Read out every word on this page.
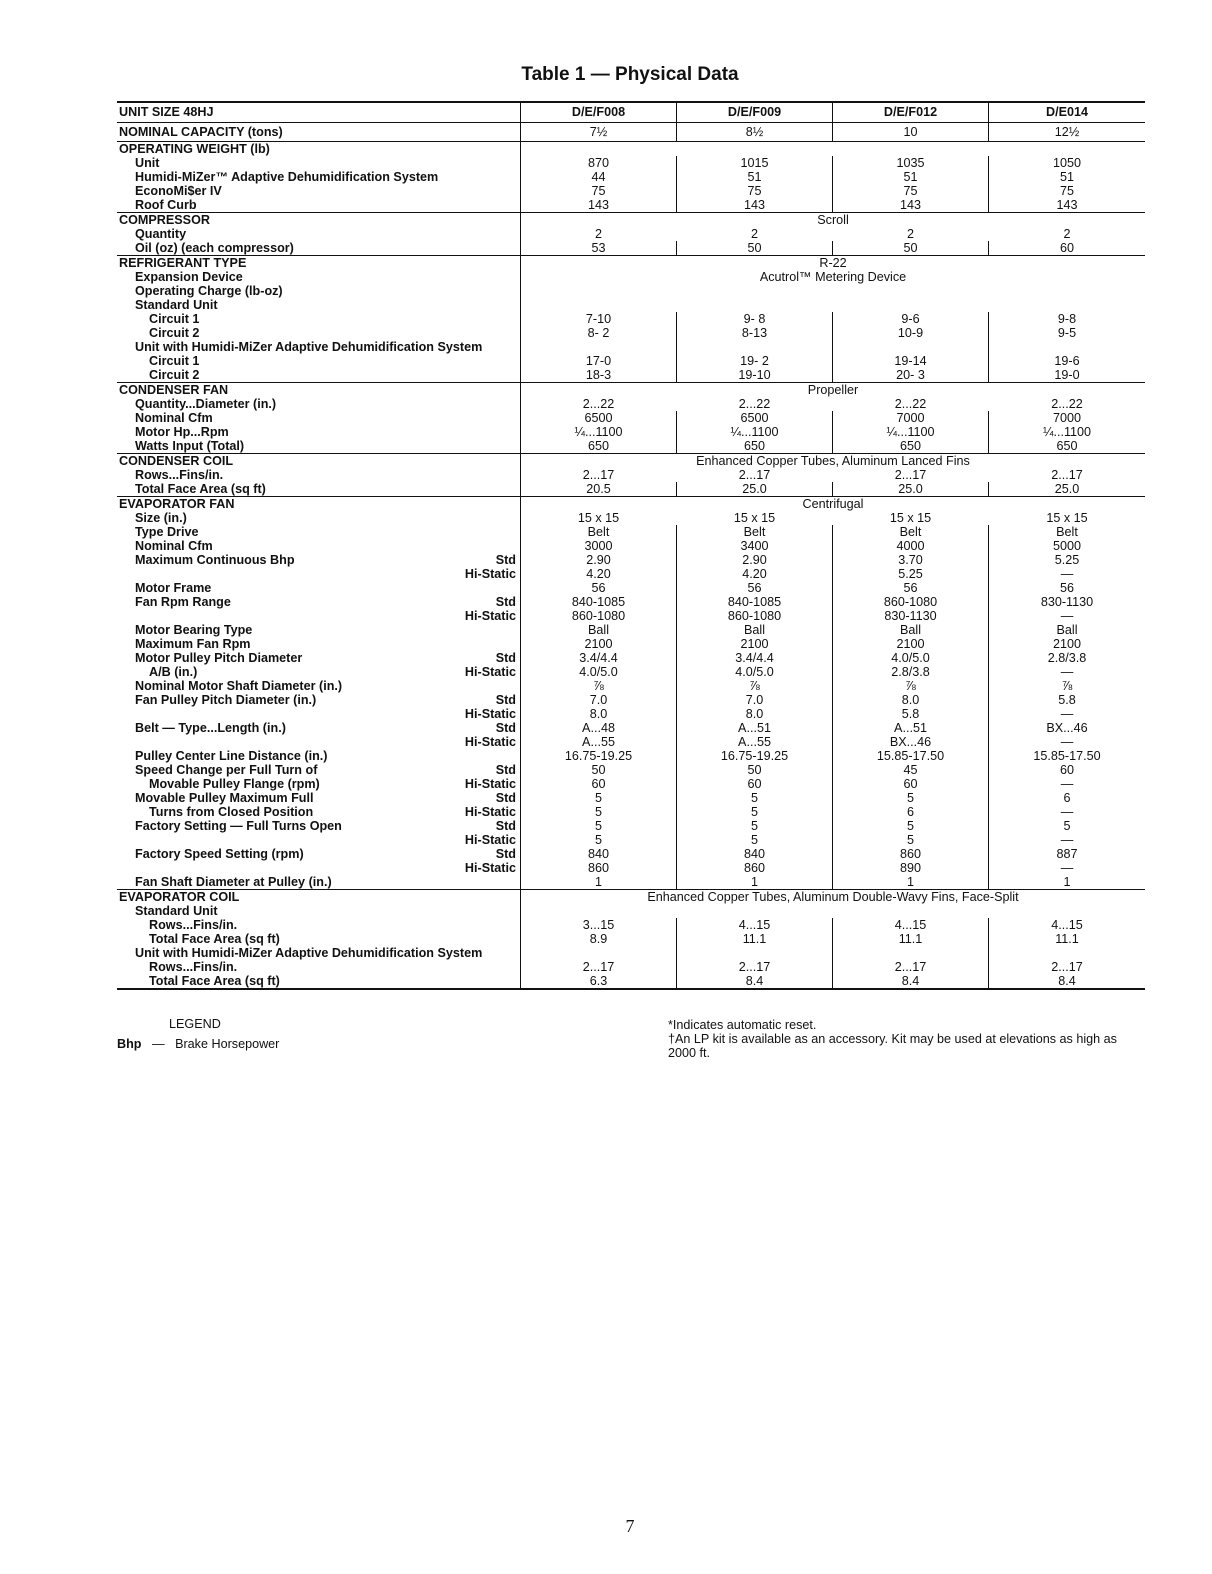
Table 1 — Physical Data
UNIT SIZE 48HJ	D/E/F008	D/E/F009	D/E/F012	D/E014
NOMINAL CAPACITY (tons)	7½	8½	10	12½
OPERATING WEIGHT (lb)
Unit	870	1015	1035	1050
Humidi-MiZer™ Adaptive Dehumidification System	44	51	51	51
EconoMi$er IV	75	75	75	75
Roof Curb	143	143	143	143
COMPRESSOR	Scroll
Quantity	2	2	2	2
Oil (oz) (each compressor)	53	50	50	60
REFRIGERANT TYPE	R-22
Expansion Device	Acutrol™ Metering Device
Operating Charge (lb-oz)
Standard Unit
Circuit 1	7-10	9- 8	9-6	9-8
Circuit 2	8- 2	8-13	10-9	9-5
Unit with Humidi-MiZer Adaptive Dehumidification System
Circuit 1	17-0	19- 2	19-14	19-6
Circuit 2	18-3	19-10	20- 3	19-0
CONDENSER FAN	Propeller
Quantity...Diameter (in.)	2...22	2...22	2...22	2...22
Nominal Cfm	6500	6500	7000	7000
Motor Hp...Rpm	¼...1100	¼...1100	¼...1100	¼...1100
Watts Input (Total)	650	650	650	650
CONDENSER COIL	Enhanced Copper Tubes, Aluminum Lanced Fins
Rows...Fins/in.	2...17	2...17	2...17	2...17
Total Face Area (sq ft)	20.5	25.0	25.0	25.0
EVAPORATOR FAN	Centrifugal
Size (in.)	15 x 15	15 x 15	15 x 15	15 x 15
Type Drive	Belt	Belt	Belt	Belt
Nominal Cfm	3000	3400	4000	5000
Maximum Continuous Bhp	Std	2.90	2.90	3.70	5.25
Hi-Static	4.20	4.20	5.25	—
Motor Frame	56	56	56	56
Fan Rpm Range	Std	840-1085	840-1085	860-1080	830-1130
Hi-Static	860-1080	860-1080	830-1130	—
Motor Bearing Type	Ball	Ball	Ball	Ball
Maximum Fan Rpm	2100	2100	2100	2100
Motor Pulley Pitch Diameter	Std	3.4/4.4	3.4/4.4	4.0/5.0	2.8/3.8
A/B (in.)	Hi-Static	4.0/5.0	4.0/5.0	2.8/3.8	—
Nominal Motor Shaft Diameter (in.)	⅞	⅞	⅞	⅞
Fan Pulley Pitch Diameter (in.)	Std	7.0	7.0	8.0	5.8
Hi-Static	8.0	8.0	5.8	—
Belt — Type...Length (in.)	Std	A...48	A...51	A...51	BX...46
Hi-Static	A...55	A...55	BX...46	—
Pulley Center Line Distance (in.)	16.75-19.25	16.75-19.25	15.85-17.50	15.85-17.50
Speed Change per Full Turn of	Std	50	50	45	60
Movable Pulley Flange (rpm)	Hi-Static	60	60	60	—
Movable Pulley Maximum Full	Std	5	5	5	6
Turns from Closed Position	Hi-Static	5	5	6	—
Factory Setting — Full Turns Open	Std	5	5	5	5
Hi-Static	5	5	5	—
Factory Speed Setting (rpm)	Std	840	840	860	887
Hi-Static	860	860	890	—
Fan Shaft Diameter at Pulley (in.)	1	1	1	1
EVAPORATOR COIL	Enhanced Copper Tubes, Aluminum Double-Wavy Fins, Face-Split
Standard Unit
Rows...Fins/in.	3...15	4...15	4...15	4...15
Total Face Area (sq ft)	8.9	11.1	11.1	11.1
Unit with Humidi-MiZer Adaptive Dehumidification System
Rows...Fins/in.	2...17	2...17	2...17	2...17
Total Face Area (sq ft)	6.3	8.4	8.4	8.4
LEGEND
Bhp — Brake Horsepower
*Indicates automatic reset.
†An LP kit is available as an accessory. Kit may be used at elevations as high as 2000 ft.
7
